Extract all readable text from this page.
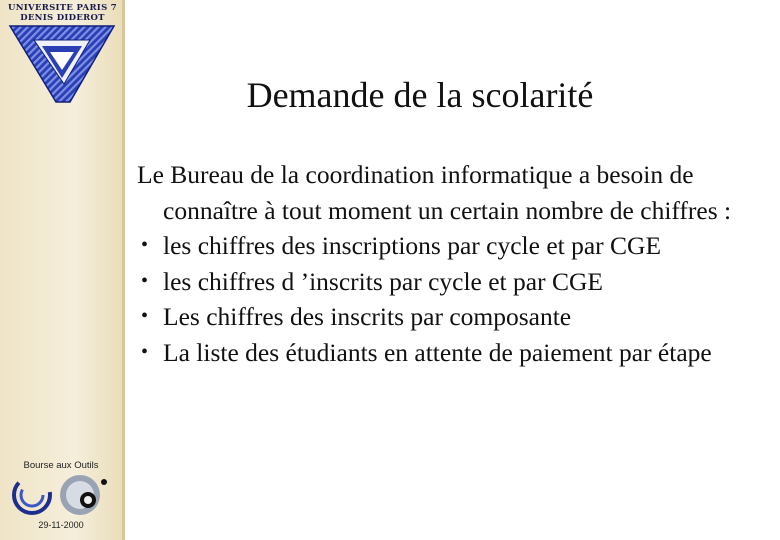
UNIVERSITE PARIS 7
DENIS DIDEROT
Bourse aux Outils
29-11-2000
Demande de la scolarité

Le Bureau de la coordination informatique a besoin de connaître à tout moment un certain nombre de chiffres :

• les chiffres des inscriptions par cycle et par CGE
• les chiffres d ’inscrits par cycle et par CGE
• Les chiffres des inscrits par composante
• La liste des étudiants en attente de paiement par étape
